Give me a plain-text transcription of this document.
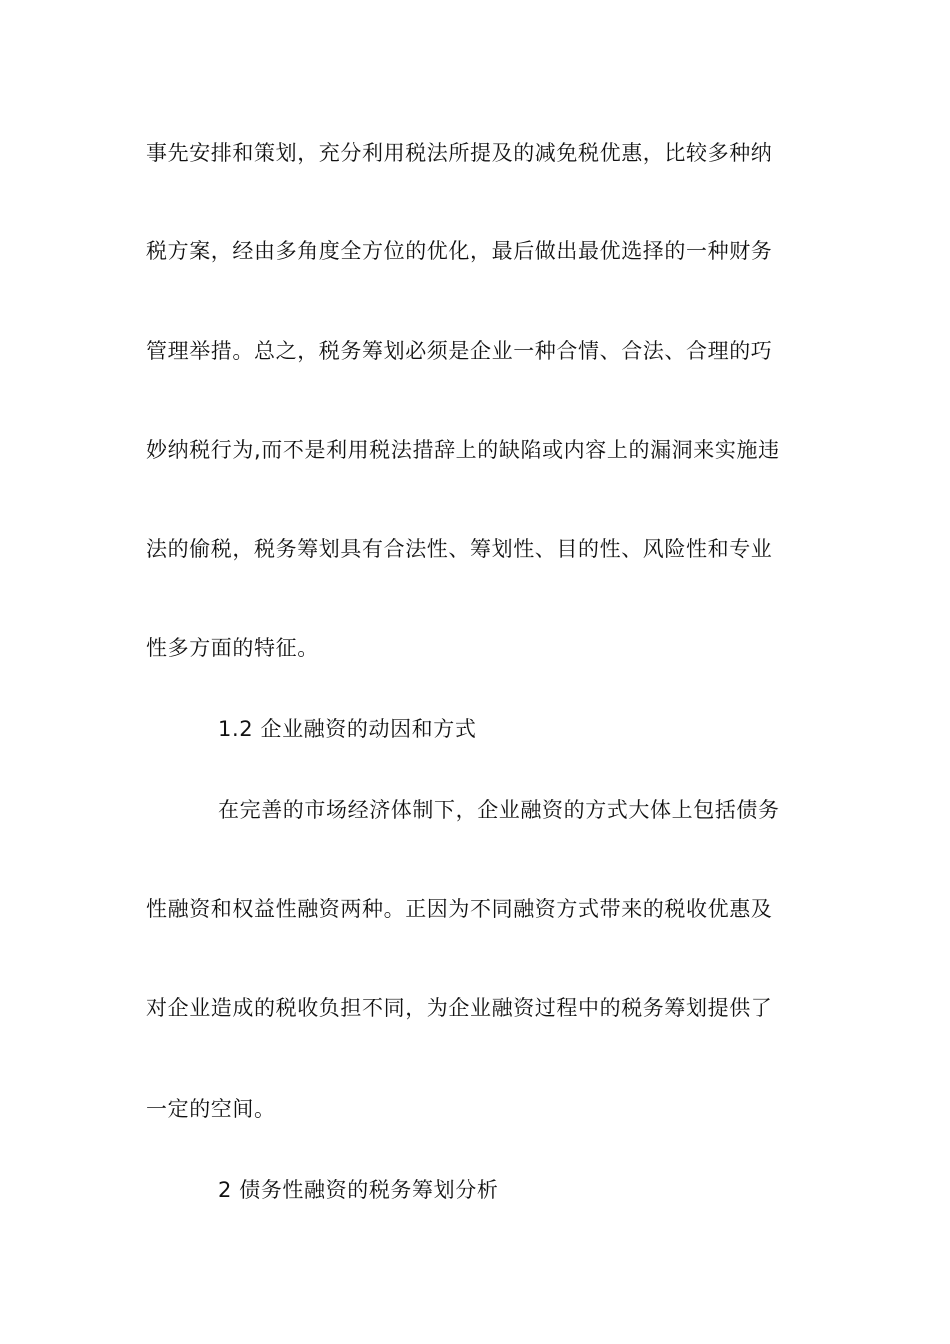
事先安排和策划，充分利用税法所提及的减免税优惠，比较多种纳
税方案，经由多角度全方位的优化，最后做出最优选择的一种财务
管理举措。总之，税务筹划必须是企业一种合情、合法、合理的巧
妙纳税行为,而不是利用税法措辞上的缺陷或内容上的漏洞来实施违
法的偷税，税务筹划具有合法性、筹划性、目的性、风险性和专业
性多方面的特征。
1.2 企业融资的动因和方式
在完善的市场经济体制下，企业融资的方式大体上包括债务
性融资和权益性融资两种。正因为不同融资方式带来的税收优惠及
对企业造成的税收负担不同，为企业融资过程中的税务筹划提供了
一定的空间。
2 债务性融资的税务筹划分析
